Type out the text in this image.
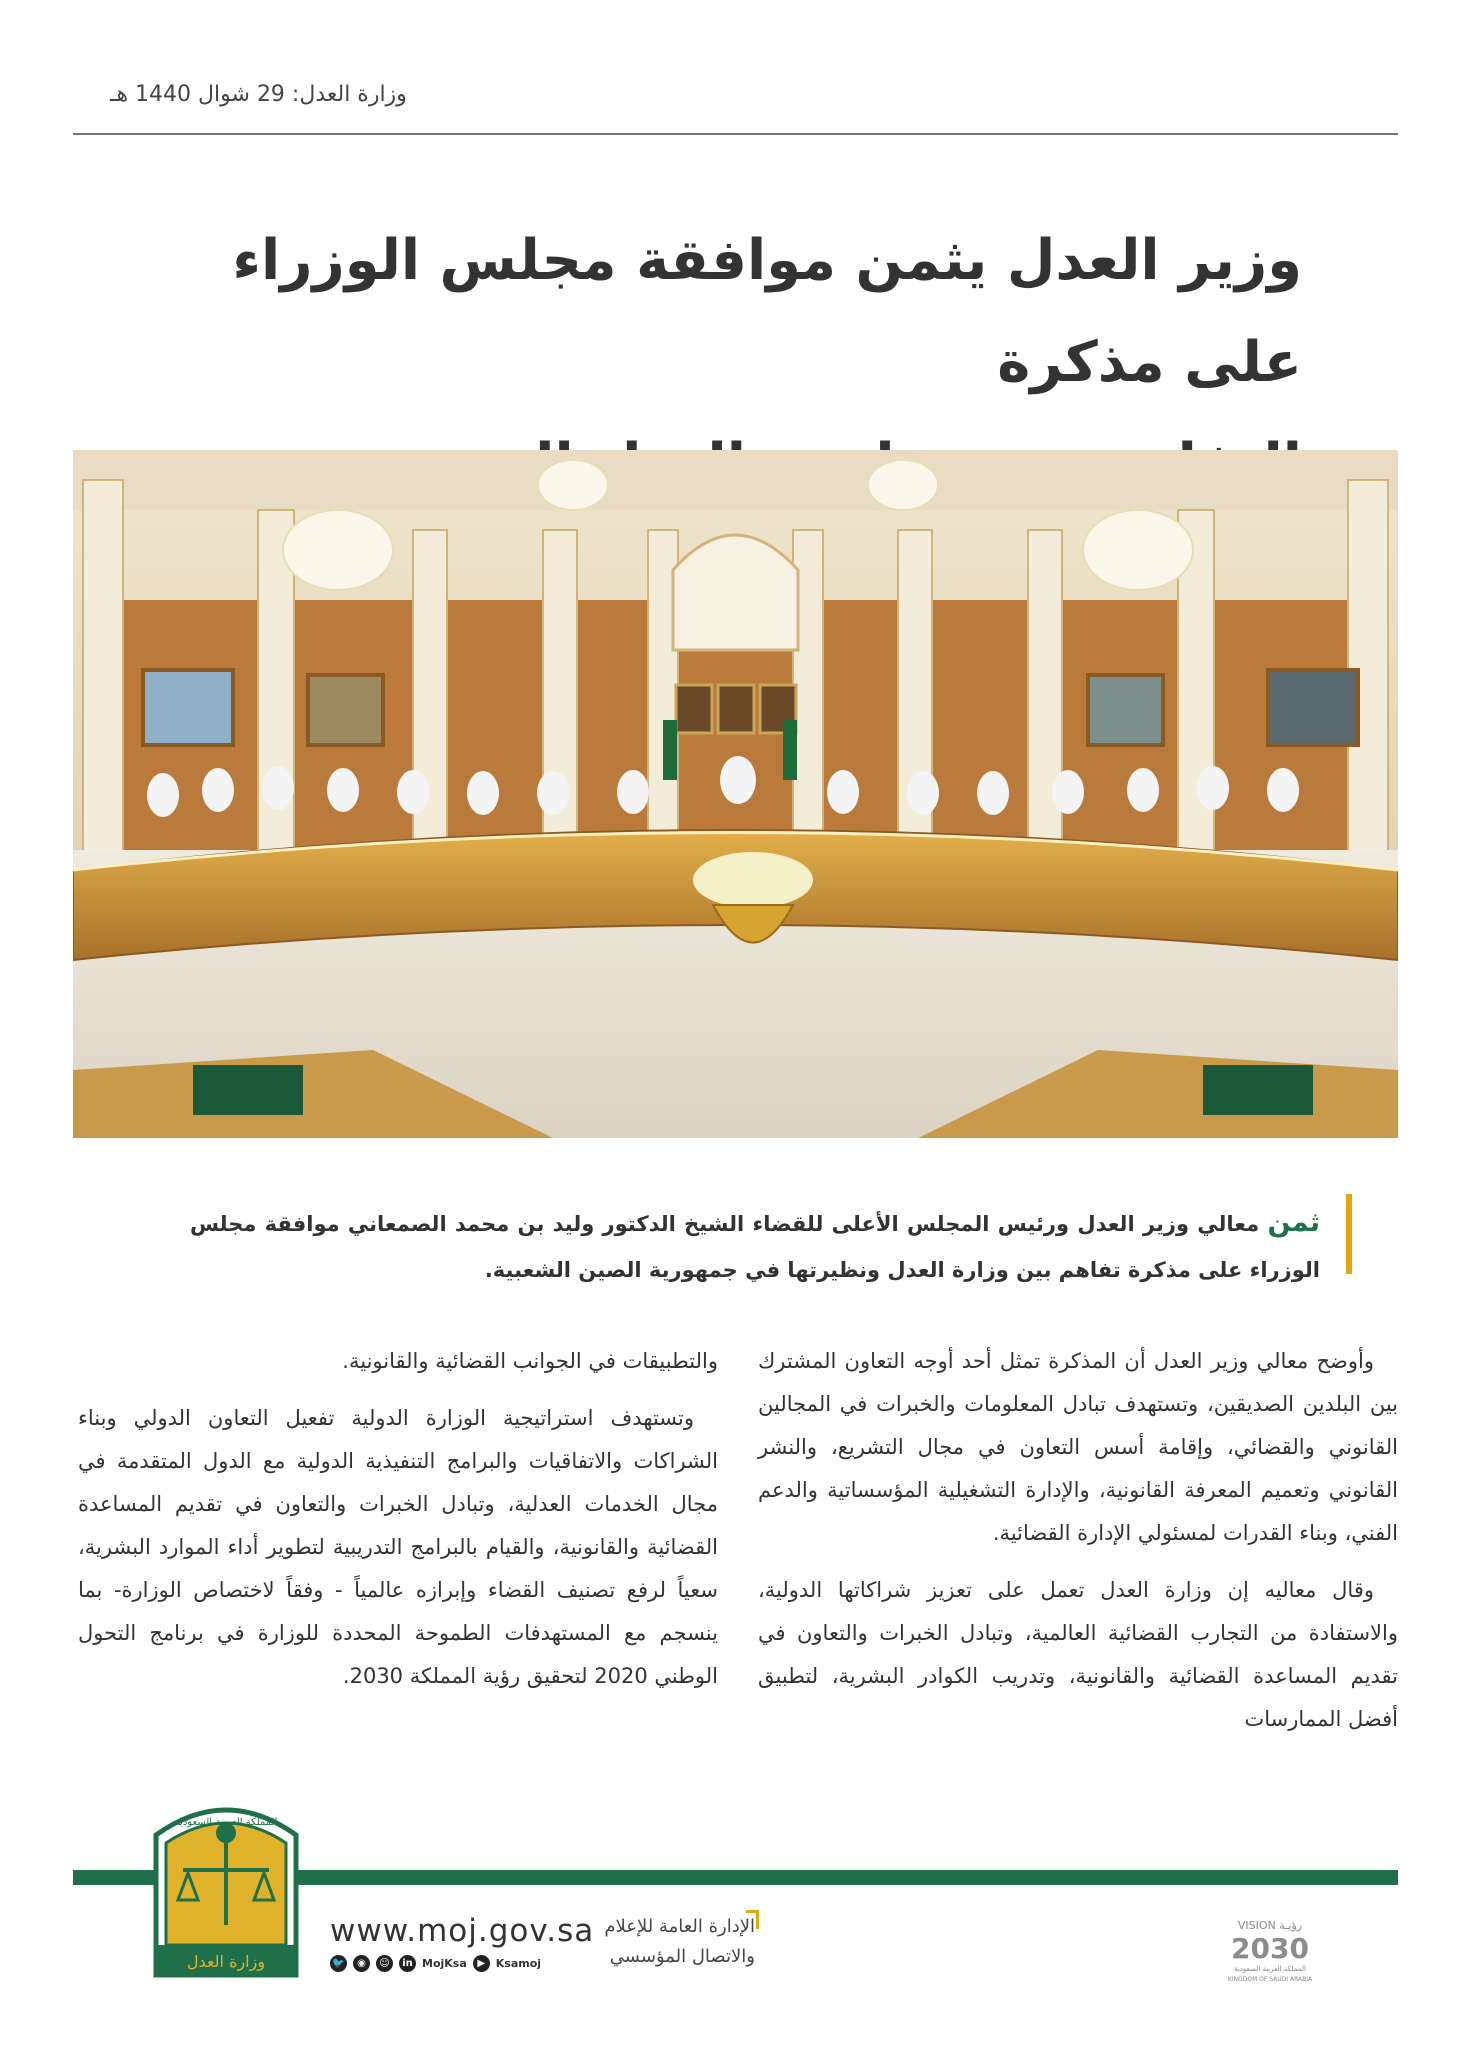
وزارة العدل: 29 شوال 1440 هـ
وزير العدل يثمن موافقة مجلس الوزراء على مذكرة

ثمن معالي وزير العدل ورئيس المجلس الأعلى للقضاء الشيخ الدكتور وليد بن محمد الصمعاني موافقة مجلس الوزراء على مذكرة تفاهم بين وزارة العدل ونظيرتها في جمهورية الصين الشعبية.

وأوضح معالي وزير العدل أن المذكرة تمثل أحد أوجه التعاون المشترك بين البلدين الصديقين، وتستهدف تبادل المعلومات والخبرات في المجالين القانوني والقضائي، وإقامة أسس التعاون في مجال التشريع، والنشر القانوني وتعميم المعرفة القانونية، والإدارة التشغيلية المؤسساتية والدعم الفني، وبناء القدرات لمسئولي الإدارة القضائية.

وقال معاليه إن وزارة العدل تعمل على تعزيز شراكاتها الدولية، والاستفادة من التجارب القضائية العالمية، وتبادل الخبرات والتعاون في تقديم المساعدة القضائية والقانونية، وتدريب الكوادر البشرية، لتطبيق أفضل الممارسات

والتطبيقات في الجوانب القضائية والقانونية.

وتستهدف استراتيجية الوزارة الدولية تفعيل التعاون الدولي وبناء الشراكات والاتفاقيات والبرامج التنفيذية الدولية مع الدول المتقدمة في مجال الخدمات العدلية، وتبادل الخبرات والتعاون في تقديم المساعدة القضائية والقانونية، والقيام بالبرامج التدريبية لتطوير أداء الموارد البشرية، سعياً لرفع تصنيف القضاء وإبرازه عالمياً - وفقاً لاختصاص الوزارة- بما ينسجم مع المستهدفات الطموحة المحددة للوزارة في برنامج التحول الوطني 2020 لتحقيق رؤية المملكة 2030.

المملكة العربية السعودية
وزارة العدل
www.moj.gov.sa
🐦	◉	☺	in MojKsa	▶ Ksamoj
الإدارة العامة للإعلام
والاتصال المؤسسي
VISION رؤيـة
2030
المملكة العربية السعودية
KINGDOM OF SAUDI ARABIA
